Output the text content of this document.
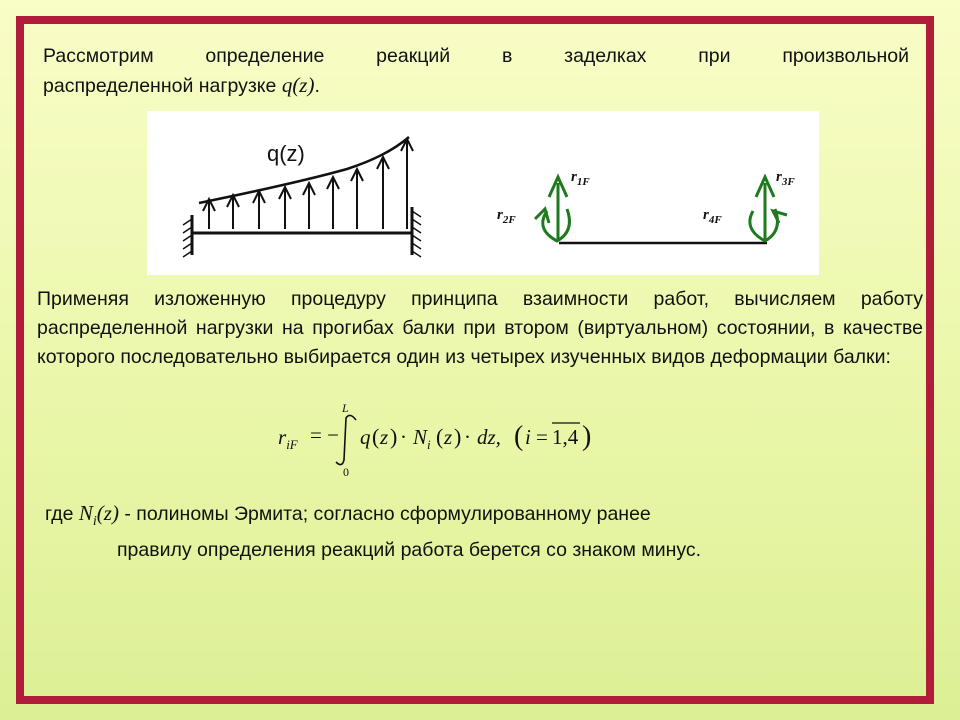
Рассмотрим определение реакций в заделках при произвольной
распределенной нагрузке q(z).

q(z)
$r_{1F}$
$r_{2F}$
$r_{3F}$
$r_{4F}$

Применяя изложенную процедуру принципа взаимности работ, вычисляем работу распределенной нагрузки на прогибах балки при втором (виртуальном) состоянии, в качестве которого последовательно выбирается один из четырех изученных видов деформации балки:

$r_{iF}$ = −
L
0
q ( z ) · $N_i$ ( z ) · dz, ( i = 1,4 )

где $N_i(z)$ - полиномы Эрмита; согласно сформулированному ранее
правилу определения реакций работа берется со знаком минус.
